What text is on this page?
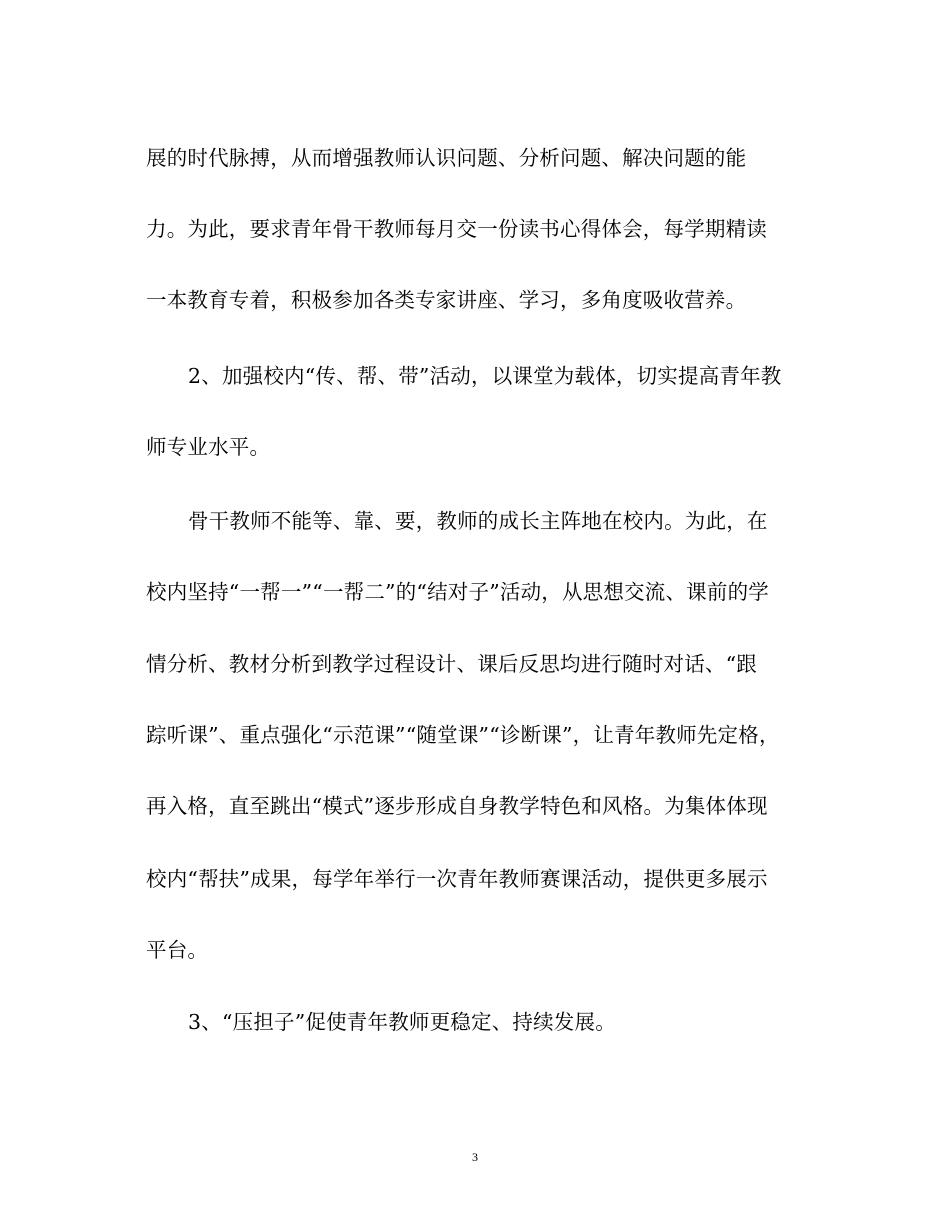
展的时代脉搏，从而增强教师认识问题、分析问题、解决问题的能
力。为此，要求青年骨干教师每月交一份读书心得体会，每学期精读
一本教育专着，积极参加各类专家讲座、学习，多角度吸收营养。
2、加强校内“传、帮、带”活动，以课堂为载体，切实提高青年教
师专业水平。
骨干教师不能等、靠、要，教师的成长主阵地在校内。为此，在
校内坚持“一帮一”“一帮二”的“结对子”活动，从思想交流、课前的学
情分析、教材分析到教学过程设计、课后反思均进行随时对话、“跟
踪听课”、重点强化“示范课”“随堂课”“诊断课”，让青年教师先定格，
再入格，直至跳出“模式”逐步形成自身教学特色和风格。为集体体现
校内“帮扶”成果，每学年举行一次青年教师赛课活动，提供更多展示
平台。
3、“压担子”促使青年教师更稳定、持续发展。
3
